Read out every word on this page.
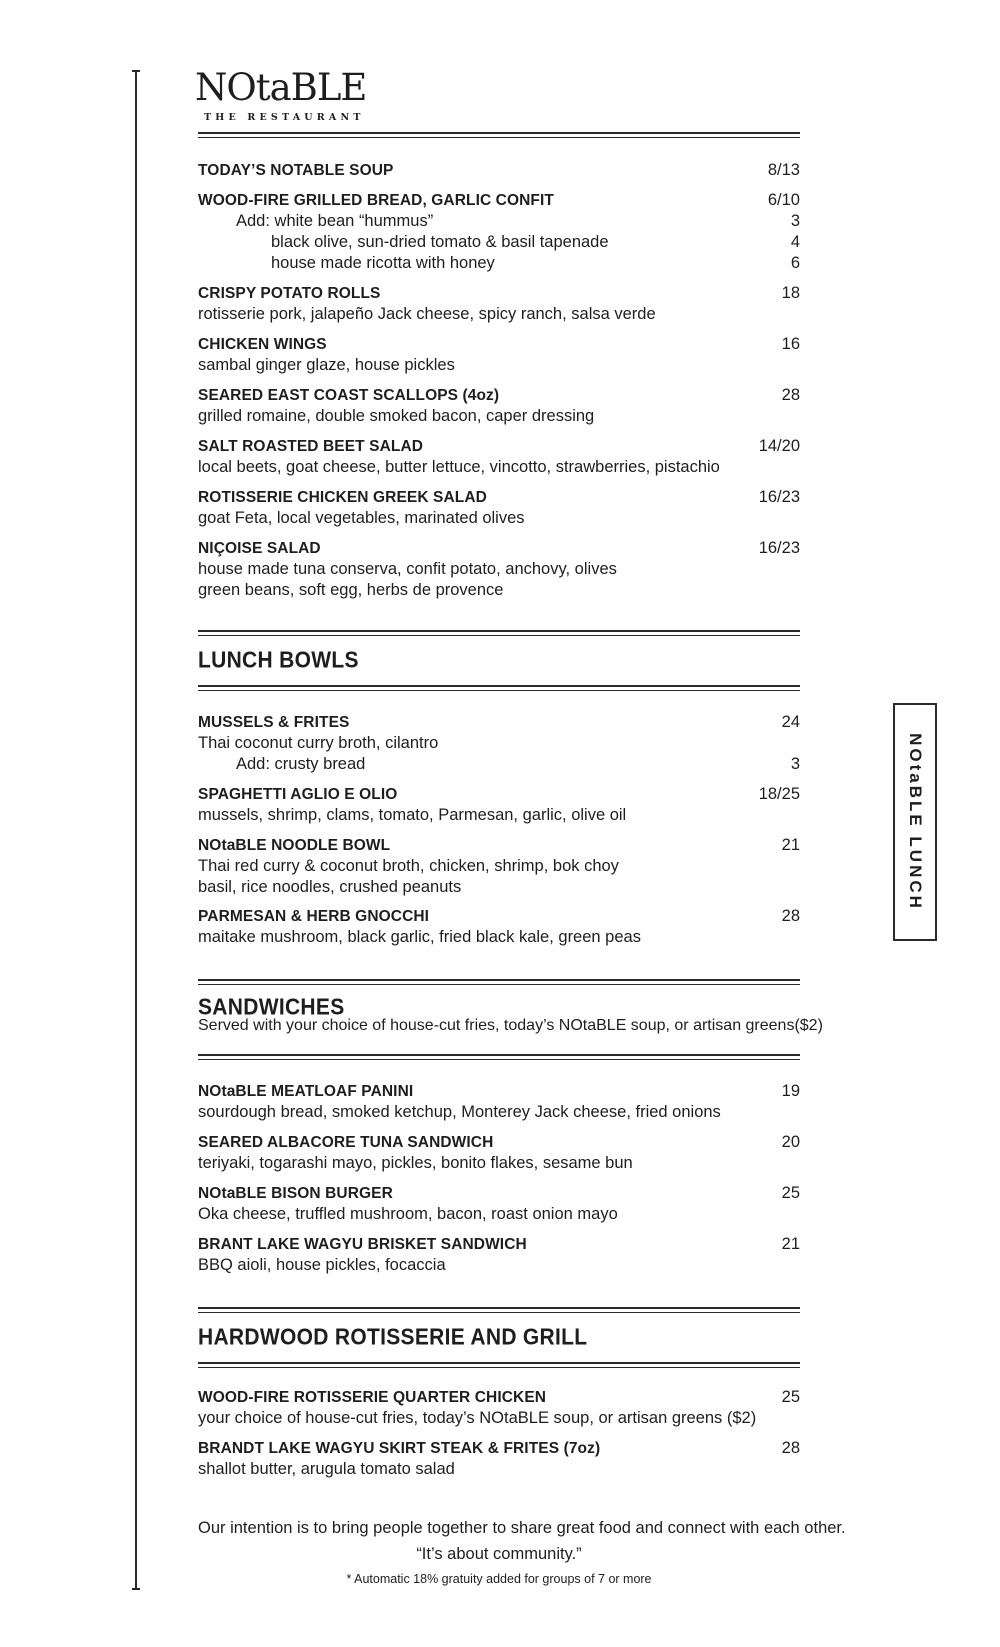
NOtaBLE
THE RESTAURANT
TODAY’S NOTABLE SOUP	8/13
WOOD-FIRE GRILLED BREAD, GARLIC CONFIT	6/10
Add: white bean “hummus”	3
black olive, sun-dried tomato & basil tapenade	4
house made ricotta with honey	6
CRISPY POTATO ROLLS	18
rotisserie pork, jalapeño Jack cheese, spicy ranch, salsa verde
CHICKEN WINGS	16
sambal ginger glaze, house pickles
SEARED EAST COAST SCALLOPS (4oz)	28
grilled romaine, double smoked bacon, caper dressing
SALT ROASTED BEET SALAD	14/20
local beets, goat cheese, butter lettuce, vincotto, strawberries, pistachio
ROTISSERIE CHICKEN GREEK SALAD	16/23
goat Feta, local vegetables, marinated olives
NIÇOISE SALAD	16/23
house made tuna conserva, confit potato, anchovy, olives
green beans, soft egg, herbs de provence
LUNCH BOWLS
MUSSELS & FRITES	24
Thai coconut curry broth, cilantro
Add: crusty bread	3
SPAGHETTI AGLIO E OLIO	18/25
mussels, shrimp, clams, tomato, Parmesan, garlic, olive oil
NOtaBLE NOODLE BOWL	21
Thai red curry & coconut broth, chicken, shrimp, bok choy
basil, rice noodles, crushed peanuts
PARMESAN & HERB GNOCCHI	28
maitake mushroom, black garlic, fried black kale, green peas
NOtaBLE LUNCH
SANDWICHES
Served with your choice of house-cut fries, today’s NOtaBLE soup, or artisan greens ($2)
NOtaBLE MEATLOAF PANINI	19
sourdough bread, smoked ketchup, Monterey Jack cheese, fried onions
SEARED ALBACORE TUNA SANDWICH	20
teriyaki, togarashi mayo, pickles, bonito flakes, sesame bun
NOtaBLE BISON BURGER	25
Oka cheese, truffled mushroom, bacon, roast onion mayo
BRANT LAKE WAGYU BRISKET SANDWICH	21
BBQ aioli, house pickles, focaccia
HARDWOOD ROTISSERIE AND GRILL
WOOD-FIRE ROTISSERIE QUARTER CHICKEN	25
your choice of house-cut fries, today’s NOtaBLE soup, or artisan greens ($2)
BRANDT LAKE WAGYU SKIRT STEAK & FRITES (7oz)	28
shallot butter, arugula tomato salad
Our intention is to bring people together to share great food and connect with each other.
“It’s about community.”
* Automatic 18% gratuity added for groups of 7 or more
